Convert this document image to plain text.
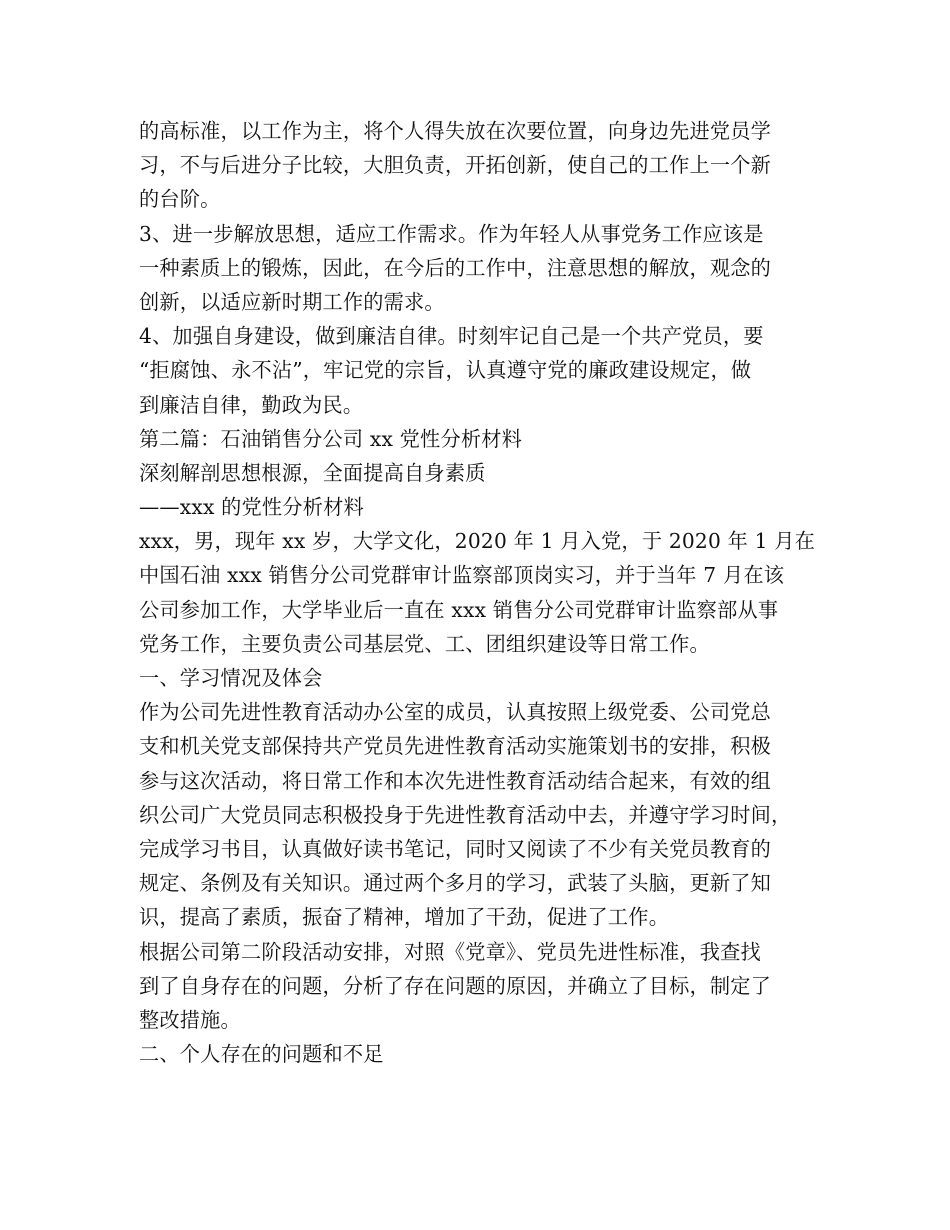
的高标准，以工作为主，将个人得失放在次要位置，向身边先进党员学
习，不与后进分子比较，大胆负责，开拓创新，使自己的工作上一个新
的台阶。
3、进一步解放思想，适应工作需求。作为年轻人从事党务工作应该是
一种素质上的锻炼，因此，在今后的工作中，注意思想的解放，观念的
创新，以适应新时期工作的需求。
4、加强自身建设，做到廉洁自律。时刻牢记自己是一个共产党员，要
“拒腐蚀、永不沾”，牢记党的宗旨，认真遵守党的廉政建设规定，做
到廉洁自律，勤政为民。
第二篇：石油销售分公司 xx 党性分析材料
深刻解剖思想根源，全面提高自身素质
——xxx 的党性分析材料
xxx，男，现年 xx 岁，大学文化，2020 年 1 月入党，于 2020 年 1 月在
中国石油 xxx 销售分公司党群审计监察部顶岗实习，并于当年 7 月在该
公司参加工作，大学毕业后一直在 xxx 销售分公司党群审计监察部从事
党务工作，主要负责公司基层党、工、团组织建设等日常工作。
一、学习情况及体会
作为公司先进性教育活动办公室的成员，认真按照上级党委、公司党总
支和机关党支部保持共产党员先进性教育活动实施策划书的安排，积极
参与这次活动，将日常工作和本次先进性教育活动结合起来，有效的组
织公司广大党员同志积极投身于先进性教育活动中去，并遵守学习时间，
完成学习书目，认真做好读书笔记，同时又阅读了不少有关党员教育的
规定、条例及有关知识。通过两个多月的学习，武装了头脑，更新了知
识，提高了素质，振奋了精神，增加了干劲，促进了工作。
根据公司第二阶段活动安排，对照《党章》、党员先进性标准，我查找
到了自身存在的问题，分析了存在问题的原因，并确立了目标，制定了
整改措施。
二、个人存在的问题和不足
